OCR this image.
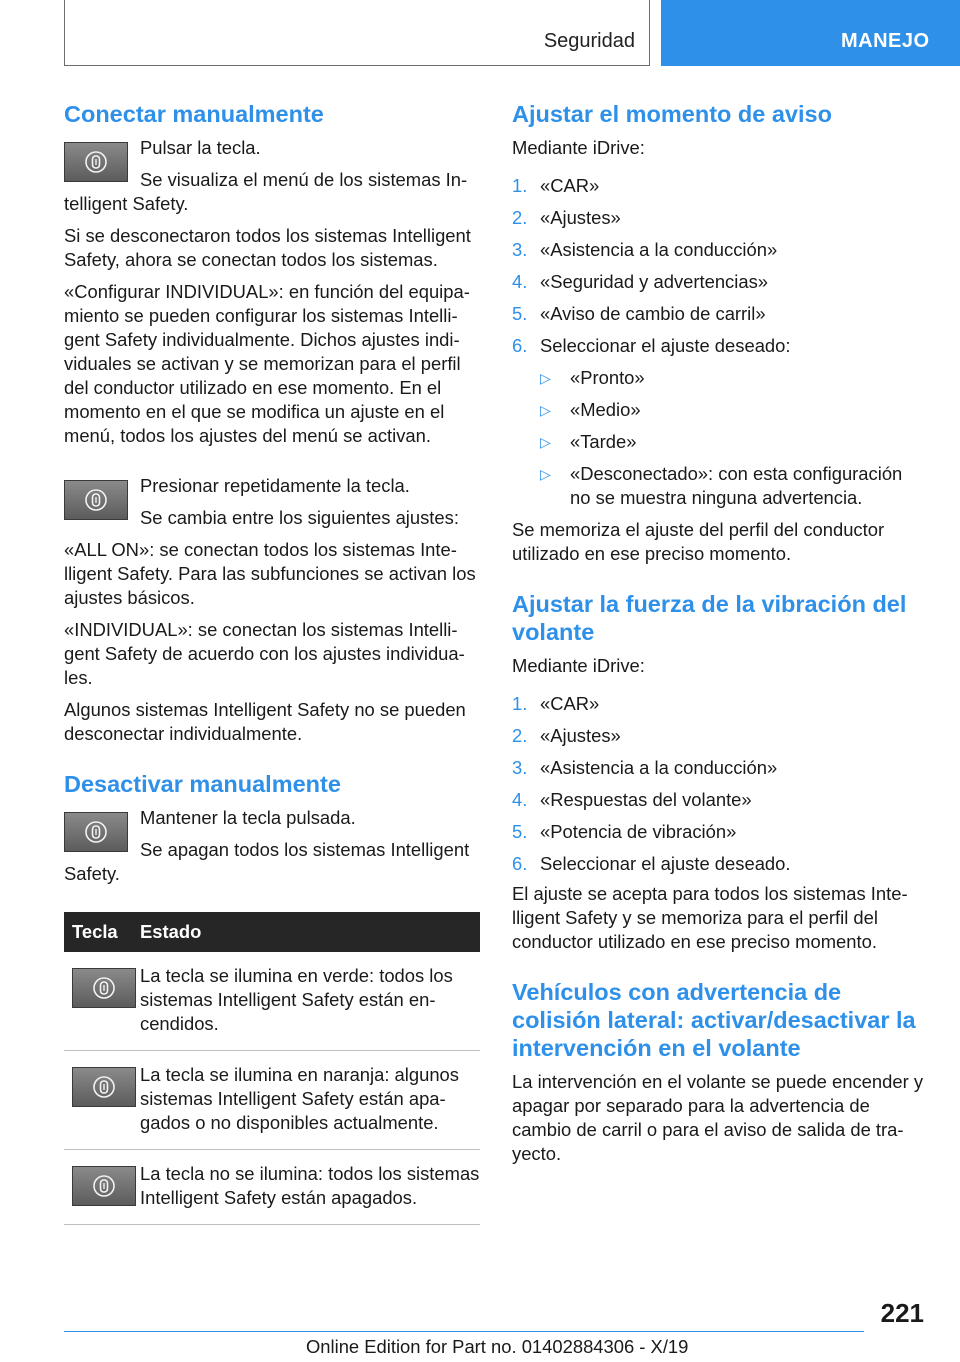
Seguridad	MANEJO
Conectar manualmente

Pulsar la tecla.

Se visualiza el menú de los sistemas Intelligent Safety.

Si se desconectaron todos los sistemas Intelligent Safety, ahora se conectan todos los sistemas.

«Configurar INDIVIDUAL»: en función del equipamiento se pueden configurar los sistemas Intelligent Safety individualmente. Dichos ajustes individuales se activan y se memorizan para el perfil del conductor utilizado en ese momento. En el momento en el que se modifica un ajuste en el menú, todos los ajustes del menú se activan.

Presionar repetidamente la tecla.

Se cambia entre los siguientes ajustes:

«ALL ON»: se conectan todos los sistemas Intelligent Safety. Para las subfunciones se activan los ajustes básicos.

«INDIVIDUAL»: se conectan los sistemas Intelligent Safety de acuerdo con los ajustes individuales.

Algunos sistemas Intelligent Safety no se pueden desconectar individualmente.

Desactivar manualmente

Mantener la tecla pulsada.

Se apagan todos los sistemas Intelligent Safety.

Tecla	Estado

	La tecla se ilumina en verde: todos los sistemas Intelligent Safety están encendidos.

	La tecla se ilumina en naranja: algunos sistemas Intelligent Safety están apagados o no disponibles actualmente.

	La tecla no se ilumina: todos los sistemas Intelligent Safety están apagados.
Ajustar el momento de aviso

Mediante iDrive:

1. «CAR»
2. «Ajustes»
3. «Asistencia a la conducción»
4. «Seguridad y advertencias»
5. «Aviso de cambio de carril»
6. Seleccionar el ajuste deseado:
▷	«Pronto»
▷	«Medio»
▷	«Tarde»
▷	«Desconectado»: con esta configuración no se muestra ninguna advertencia.

Se memoriza el ajuste del perfil del conductor utilizado en ese preciso momento.

Ajustar la fuerza de la vibración del volante

Mediante iDrive:

1. «CAR»
2. «Ajustes»
3. «Asistencia a la conducción»
4. «Respuestas del volante»
5. «Potencia de vibración»
6. Seleccionar el ajuste deseado.

El ajuste se acepta para todos los sistemas Intelligent Safety y se memoriza para el perfil del conductor utilizado en ese preciso momento.

Vehículos con advertencia de colisión lateral: activar/desactivar la intervención en el volante

La intervención en el volante se puede encender y apagar por separado para la advertencia de cambio de carril o para el aviso de salida de trayecto.

221
Online Edition for Part no. 01402884306 - X/19
